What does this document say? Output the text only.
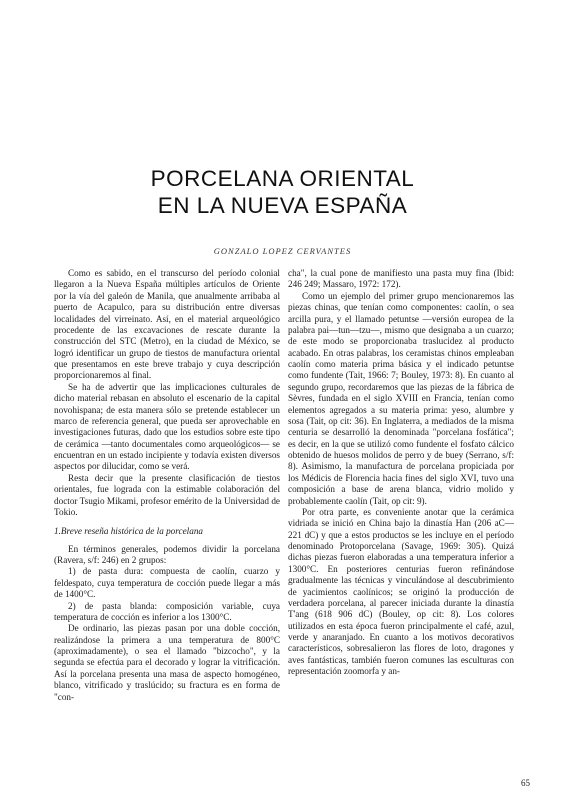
PORCELANA ORIENTAL
EN LA NUEVA ESPAÑA
GONZALO LOPEZ CERVANTES

Como es sabido, en el transcurso del período colonial llegaron a la Nueva España múltiples artículos de Oriente por la vía del galeón de Manila, que anualmente arribaba al puerto de Acapulco, para su distribución entre diversas localidades del virreinato. Así, en el material arqueológico procedente de las excavaciones de rescate durante la construcción del STC (Metro), en la ciudad de México, se logró identificar un grupo de tiestos de manufactura oriental que presentamos en este breve trabajo y cuya descripción proporcionaremos al final.

Se ha de advertir que las implicaciones culturales de dicho material rebasan en absoluto el escenario de la capital novohispana; de esta manera sólo se pretende establecer un marco de referencia general, que pueda ser aprovechable en investigaciones futuras, dado que los estudios sobre este tipo de cerámica —tanto documentales como arqueológicos— se encuentran en un estado incipiente y todavía existen diversos aspectos por dilucidar, como se verá.

Resta decir que la presente clasificación de tiestos orientales, fue lograda con la estimable colaboración del doctor Tsugio Mikami, profesor emérito de la Universidad de Tokio.

1.Breve reseña histórica de la porcelana

En términos generales, podemos dividir la porcelana (Ravera, s/f: 246) en 2 grupos:

1) de pasta dura: compuesta de caolín, cuarzo y feldespato, cuya temperatura de cocción puede llegar a más de 1400°C.

2) de pasta blanda: composición variable, cuya temperatura de cocción es inferior a los 1300°C.

De ordinario, las piezas pasan por una doble cocción, realizándose la primera a una temperatura de 800°C (aproximadamente), o sea el llamado "bizcocho", y la segunda se efectúa para el decorado y lograr la vitrificación. Así la porcelana presenta una masa de aspecto homogéneo, blanco, vitrificado y traslúcido; su fractura es en forma de "con-

cha", la cual pone de manifiesto una pasta muy fina (Ibid: 246 249; Massaro, 1972: 172).

Como un ejemplo del primer grupo mencionaremos las piezas chinas, que tenían como componentes: caolín, o sea arcilla pura, y el llamado petuntse —versión europea de la palabra pai—tun—tzu—, mismo que designaba a un cuarzo; de este modo se proporcionaba traslucidez al producto acabado. En otras palabras, los ceramistas chinos empleaban caolín como materia prima básica y el indicado petuntse como fundente (Tait, 1966: 7; Bouley, 1973: 8). En cuanto al segundo grupo, recordaremos que las piezas de la fábrica de Sèvres, fundada en el siglo XVIII en Francia, tenían como elementos agregados a su materia prima: yeso, alumbre y sosa (Tait, op cit: 36). En Inglaterra, a mediados de la misma centuria se desarrolló la denominada "porcelana fosfática"; es decir, en la que se utilizó como fundente el fosfato cálcico obtenido de huesos molidos de perro y de buey (Serrano, s/f: 8). Asimismo, la manufactura de porcelana propiciada por los Médicis de Florencia hacia fines del siglo XVI, tuvo una composición a base de arena blanca, vidrio molido y probablemente caolín (Tait, op cit: 9).

Por otra parte, es conveniente anotar que la cerámica vidriada se inició en China bajo la dinastía Han (206 aC—221 dC) y que a estos productos se les incluye en el período denominado Protoporcelana (Savage, 1969: 305). Quizá dichas piezas fueron elaboradas a una temperatura inferior a 1300°C. En posteriores centurias fueron refinándose gradualmente las técnicas y vinculándose al descubrimiento de yacimientos caolínicos; se originó la producción de verdadera porcelana, al parecer iniciada durante la dinastía T'ang (618 906 dC) (Bouley, op cit: 8). Los colores utilizados en esta época fueron principalmente el café, azul, verde y anaranjado. En cuanto a los motivos decorativos característicos, sobresalieron las flores de loto, dragones y aves fantásticas, también fueron comunes las esculturas con representación zoomorfa y an-

65
